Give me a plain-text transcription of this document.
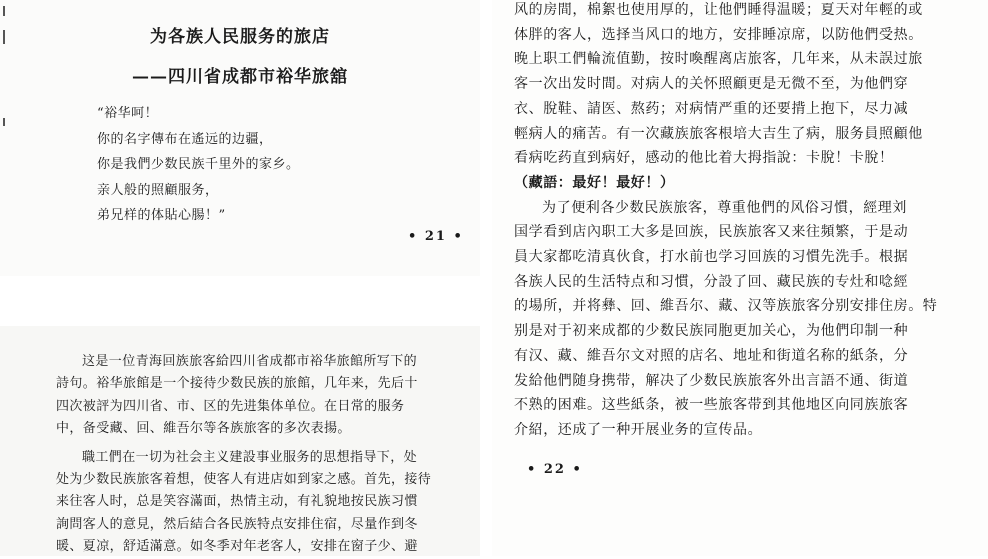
为各族人民服务的旅店
——四川省成都市裕华旅舘
“裕华呵！
你的名字傳布在遙远的边疆，
你是我們少数民族千里外的家乡。
亲人般的照顧服务，
弟兄样的体貼心腸！”
• 21 •
这是一位青海回族旅客給四川省成都市裕华旅館所写下的
詩句。裕华旅館是一个接待少数民族的旅館，几年来，先后十
四次被評为四川省、市、区的先进集体单位。在日常的服务
中，备受藏、回、維吾尔等各族旅客的多次表揚。
職工們在一切为社会主义建設事业服务的思想指导下，处
处为少数民族旅客着想，使客人有进店如到家之感。首先，接待
来往客人时，总是笑容滿面，热情主动，有礼貌地按民族习慣
詢問客人的意見，然后結合各民族特点安排住宿，尽量作到冬
暖、夏凉，舒适滿意。如冬季对年老客人，安排在窗子少、避
风的房間，棉絮也使用厚的，让他們睡得温暖；夏天对年輕的或
体胖的客人，选择当风口的地方，安排睡凉席，以防他們受热。
晚上职工們輪流值勤，按时喚醒离店旅客，几年来，从未誤过旅
客一次出发时間。对病人的关怀照顧更是无微不至，为他們穿
衣、脫鞋、請医、熬药；对病情严重的还要揹上抱下，尽力减
輕病人的痛苦。有一次藏族旅客根培大吉生了病，服务員照顧他
看病吃药直到病好，感动的他比着大拇指說：卡脫！卡脫！
（藏語：最好！最好！）
为了便利各少数民族旅客，尊重他們的风俗习慣，經理刘
国学看到店內职工大多是回族，民族旅客又来往頻繁，于是动
員大家都吃清真伙食，打水前也学习回族的习慣先洗手。根据
各族人民的生活特点和习慣，分設了回、藏民族的专灶和唸經
的場所，并将彝、回、維吾尔、藏、汉等族旅客分别安排住房。特
别是对于初来成都的少数民族同胞更加关心，为他們印制一种
有汉、藏、維吾尔文对照的店名、地址和街道名称的紙条，分
发給他們随身携带，解决了少数民族旅客外出言語不通、街道
不熟的困难。这些紙条，被一些旅客带到其他地区向同族旅客
介紹，还成了一种开展业务的宣传品。
• 22 •
